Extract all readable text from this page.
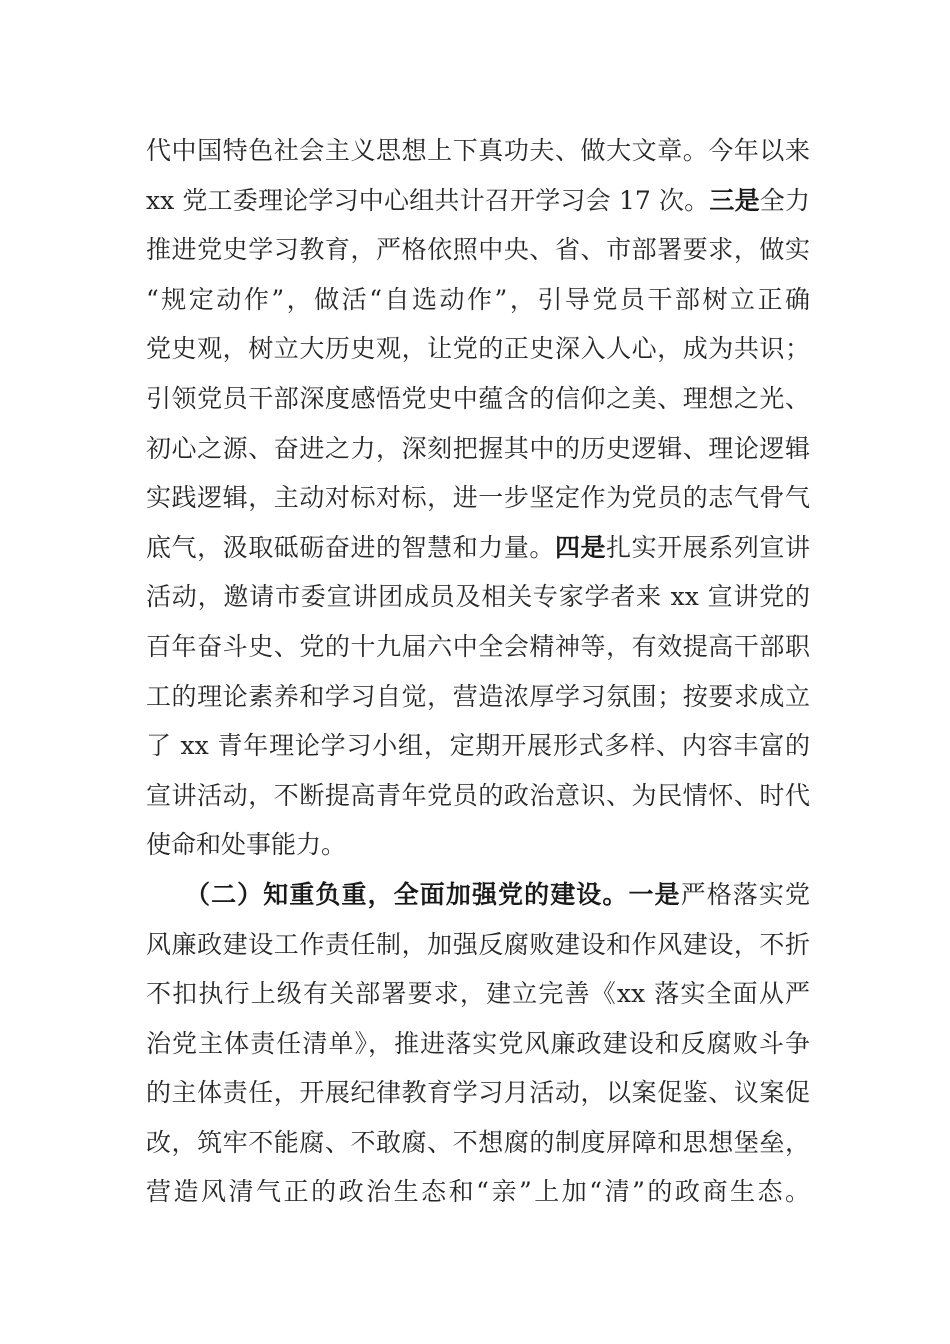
代中国特色社会主义思想上下真功夫、做大文章。今年以来
xx 党工委理论学习中心组共计召开学习会 17 次。三是全力
推进党史学习教育，严格依照中央、省、市部署要求，做实
“规定动作”，做活“自选动作”，引导党员干部树立正确
党史观，树立大历史观，让党的正史深入人心，成为共识；
引领党员干部深度感悟党史中蕴含的信仰之美、理想之光、
初心之源、奋进之力，深刻把握其中的历史逻辑、理论逻辑
实践逻辑，主动对标对标，进一步坚定作为党员的志气骨气
底气，汲取砥砺奋进的智慧和力量。四是扎实开展系列宣讲
活动，邀请市委宣讲团成员及相关专家学者来 xx 宣讲党的
百年奋斗史、党的十九届六中全会精神等，有效提高干部职
工的理论素养和学习自觉，营造浓厚学习氛围；按要求成立
了 xx 青年理论学习小组，定期开展形式多样、内容丰富的
宣讲活动，不断提高青年党员的政治意识、为民情怀、时代
使命和处事能力。
（二）知重负重，全面加强党的建设。一是严格落实党
风廉政建设工作责任制，加强反腐败建设和作风建设，不折
不扣执行上级有关部署要求，建立完善《xx 落实全面从严
治党主体责任清单》，推进落实党风廉政建设和反腐败斗争
的主体责任，开展纪律教育学习月活动，以案促鉴、议案促
改，筑牢不能腐、不敢腐、不想腐的制度屏障和思想堡垒，
营造风清气正的政治生态和“亲”上加“清”的政商生态。
